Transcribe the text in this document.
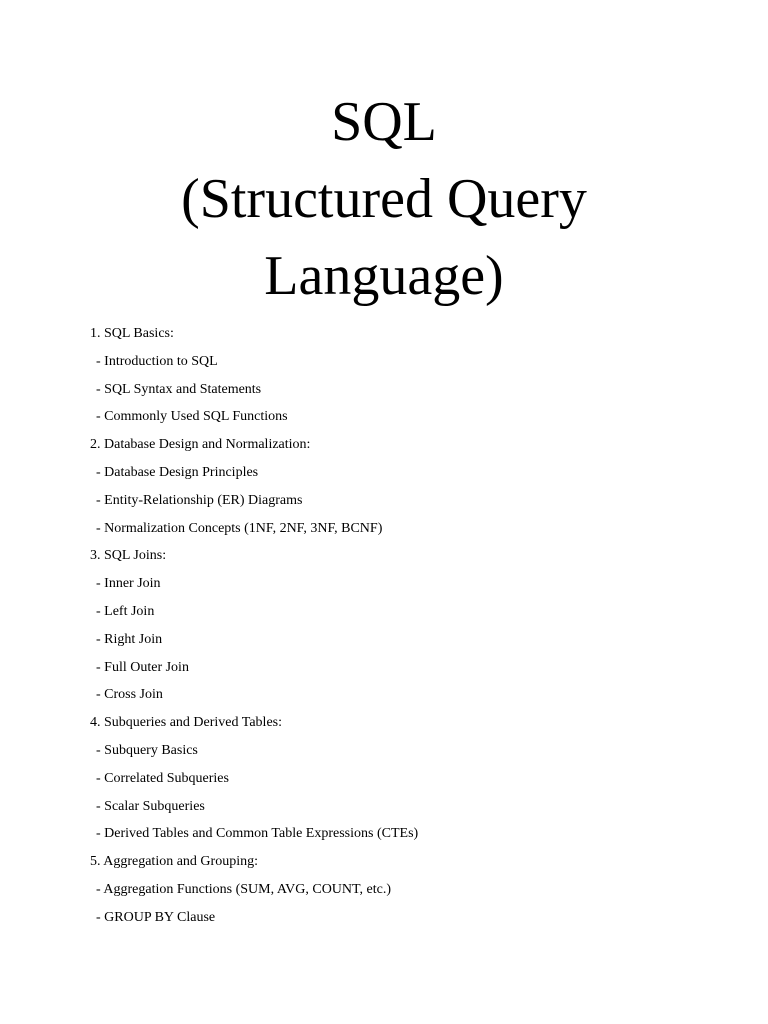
SQL
(Structured Query
Language)
1. SQL Basics:
- Introduction to SQL
- SQL Syntax and Statements
- Commonly Used SQL Functions
2. Database Design and Normalization:
- Database Design Principles
- Entity-Relationship (ER) Diagrams
- Normalization Concepts (1NF, 2NF, 3NF, BCNF)
3. SQL Joins:
- Inner Join
- Left Join
- Right Join
- Full Outer Join
- Cross Join
4. Subqueries and Derived Tables:
- Subquery Basics
- Correlated Subqueries
- Scalar Subqueries
- Derived Tables and Common Table Expressions (CTEs)
5. Aggregation and Grouping:
- Aggregation Functions (SUM, AVG, COUNT, etc.)
- GROUP BY Clause
